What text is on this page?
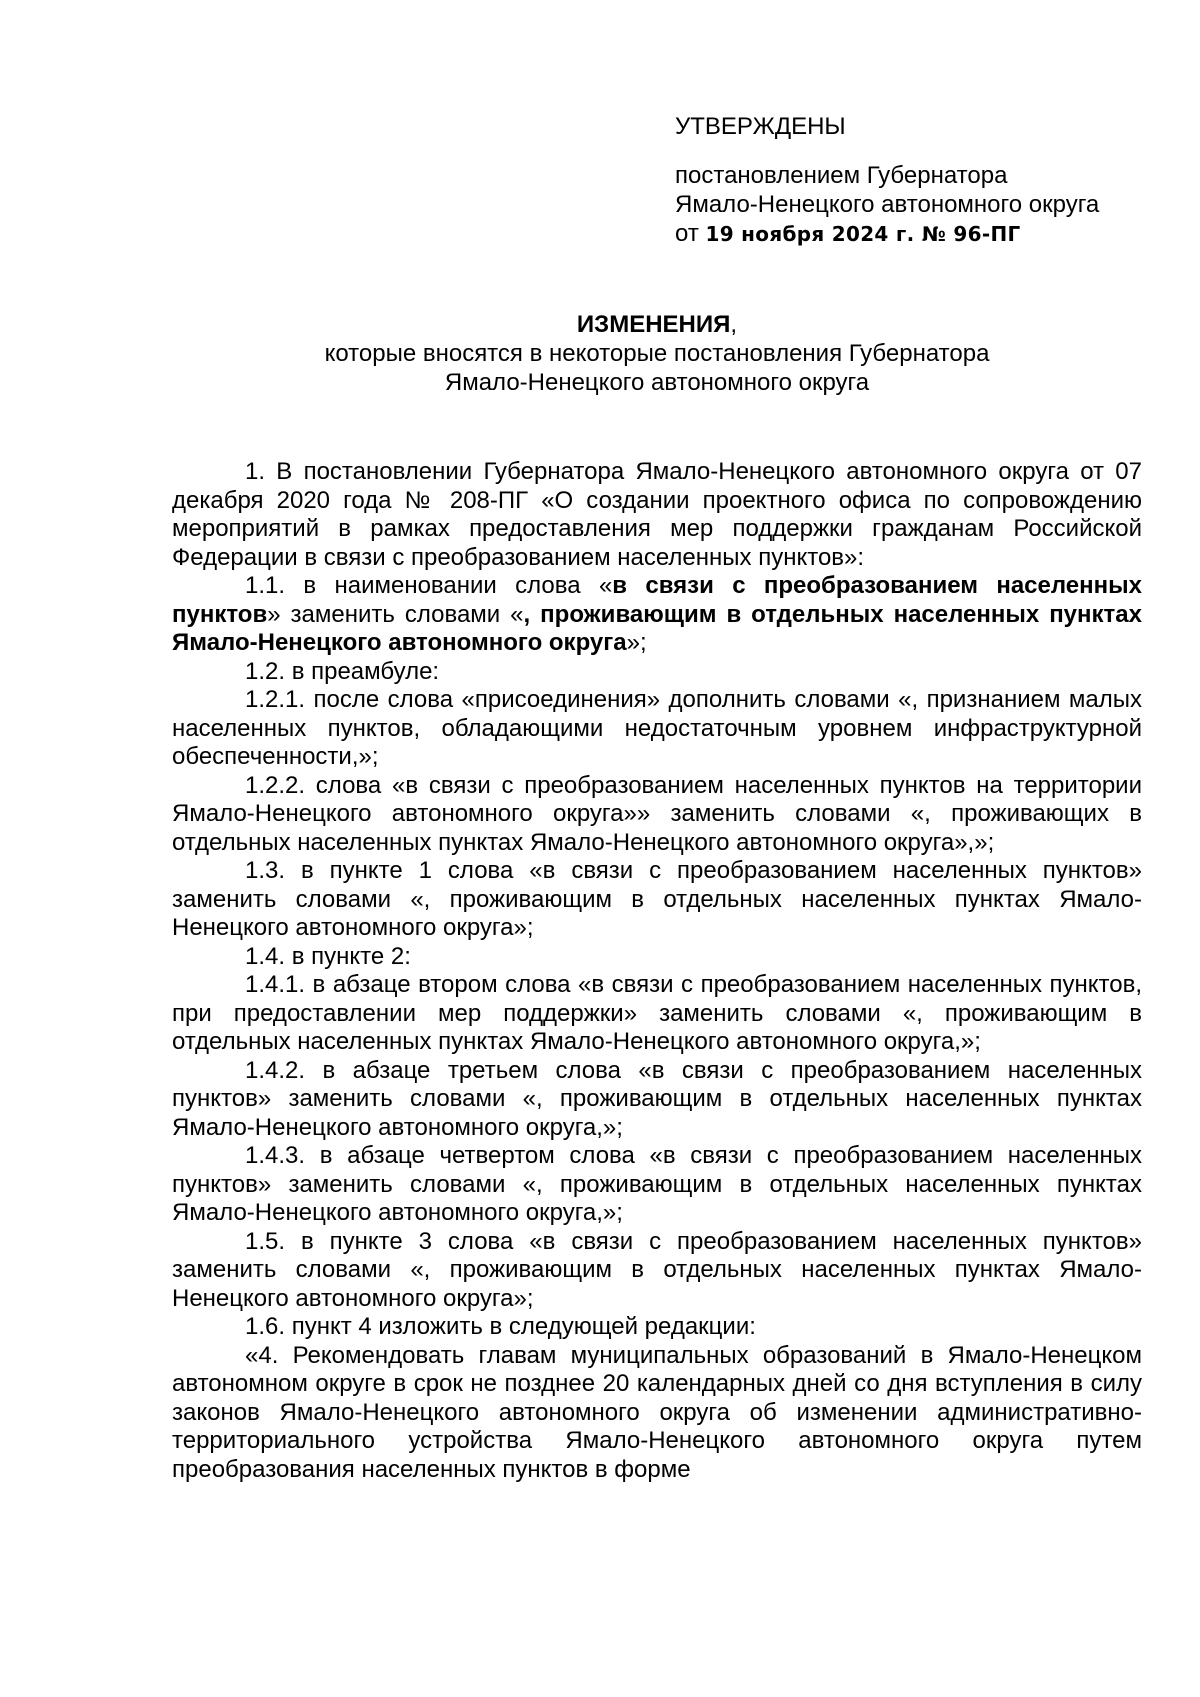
УТВЕРЖДЕНЫ
постановлением Губернатора
Ямало-Ненецкого автономного округа
от 19 ноября 2024 г. № 96-ПГ
ИЗМЕНЕНИЯ,
которые вносятся в некоторые постановления Губернатора
Ямало-Ненецкого автономного округа

1. В постановлении Губернатора Ямало-Ненецкого автономного округа от 07 декабря 2020 года № 208-ПГ «О создании проектного офиса по сопровождению мероприятий в рамках предоставления мер поддержки гражданам Российской Федерации в связи с преобразованием населенных пунктов»:

1.1. в наименовании слова «в связи с преобразованием населенных пунктов» заменить словами «, проживающим в отдельных населенных пунктах Ямало-Ненецкого автономного округа»;

1.2. в преамбуле:

1.2.1. после слова «присоединения» дополнить словами «, признанием малых населенных пунктов, обладающими недостаточным уровнем инфраструктурной обеспеченности,»;

1.2.2. слова «в связи с преобразованием населенных пунктов на территории Ямало-Ненецкого автономного округа»» заменить словами «, проживающих в отдельных населенных пунктах Ямало-Ненецкого автономного округа»,»;

1.3. в пункте 1 слова «в связи с преобразованием населенных пунктов» заменить словами «, проживающим в отдельных населенных пунктах Ямало-Ненецкого автономного округа»;

1.4. в пункте 2:

1.4.1. в абзаце втором слова «в связи с преобразованием населенных пунктов, при предоставлении мер поддержки» заменить словами «, проживающим в отдельных населенных пунктах Ямало-Ненецкого автономного округа,»;

1.4.2. в абзаце третьем слова «в связи с преобразованием населенных пунктов» заменить словами «, проживающим в отдельных населенных пунктах Ямало-Ненецкого автономного округа,»;

1.4.3. в абзаце четвертом слова «в связи с преобразованием населенных пунктов» заменить словами «, проживающим в отдельных населенных пунктах Ямало-Ненецкого автономного округа,»;

1.5. в пункте 3 слова «в связи с преобразованием населенных пунктов» заменить словами «, проживающим в отдельных населенных пунктах Ямало-Ненецкого автономного округа»;

1.6. пункт 4 изложить в следующей редакции:

«4. Рекомендовать главам муниципальных образований в Ямало-Ненецком автономном округе в срок не позднее 20 календарных дней со дня вступления в силу законов Ямало-Ненецкого автономного округа об изменении административно-территориального устройства Ямало-Ненецкого автономного округа путем преобразования населенных пунктов в форме
